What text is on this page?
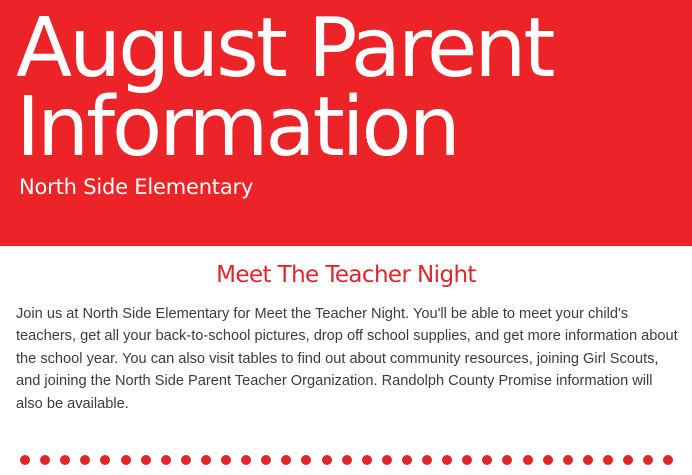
August Parent
Information

North Side Elementary

Meet The Teacher Night

Join us at North Side Elementary for Meet the Teacher Night. You'll be able to meet your child's teachers, get all your back-to-school pictures, drop off school supplies, and get more information about the school year. You can also visit tables to find out about community resources, joining Girl Scouts, and joining the North Side Parent Teacher Organization. Randolph County Promise information will also be available.
